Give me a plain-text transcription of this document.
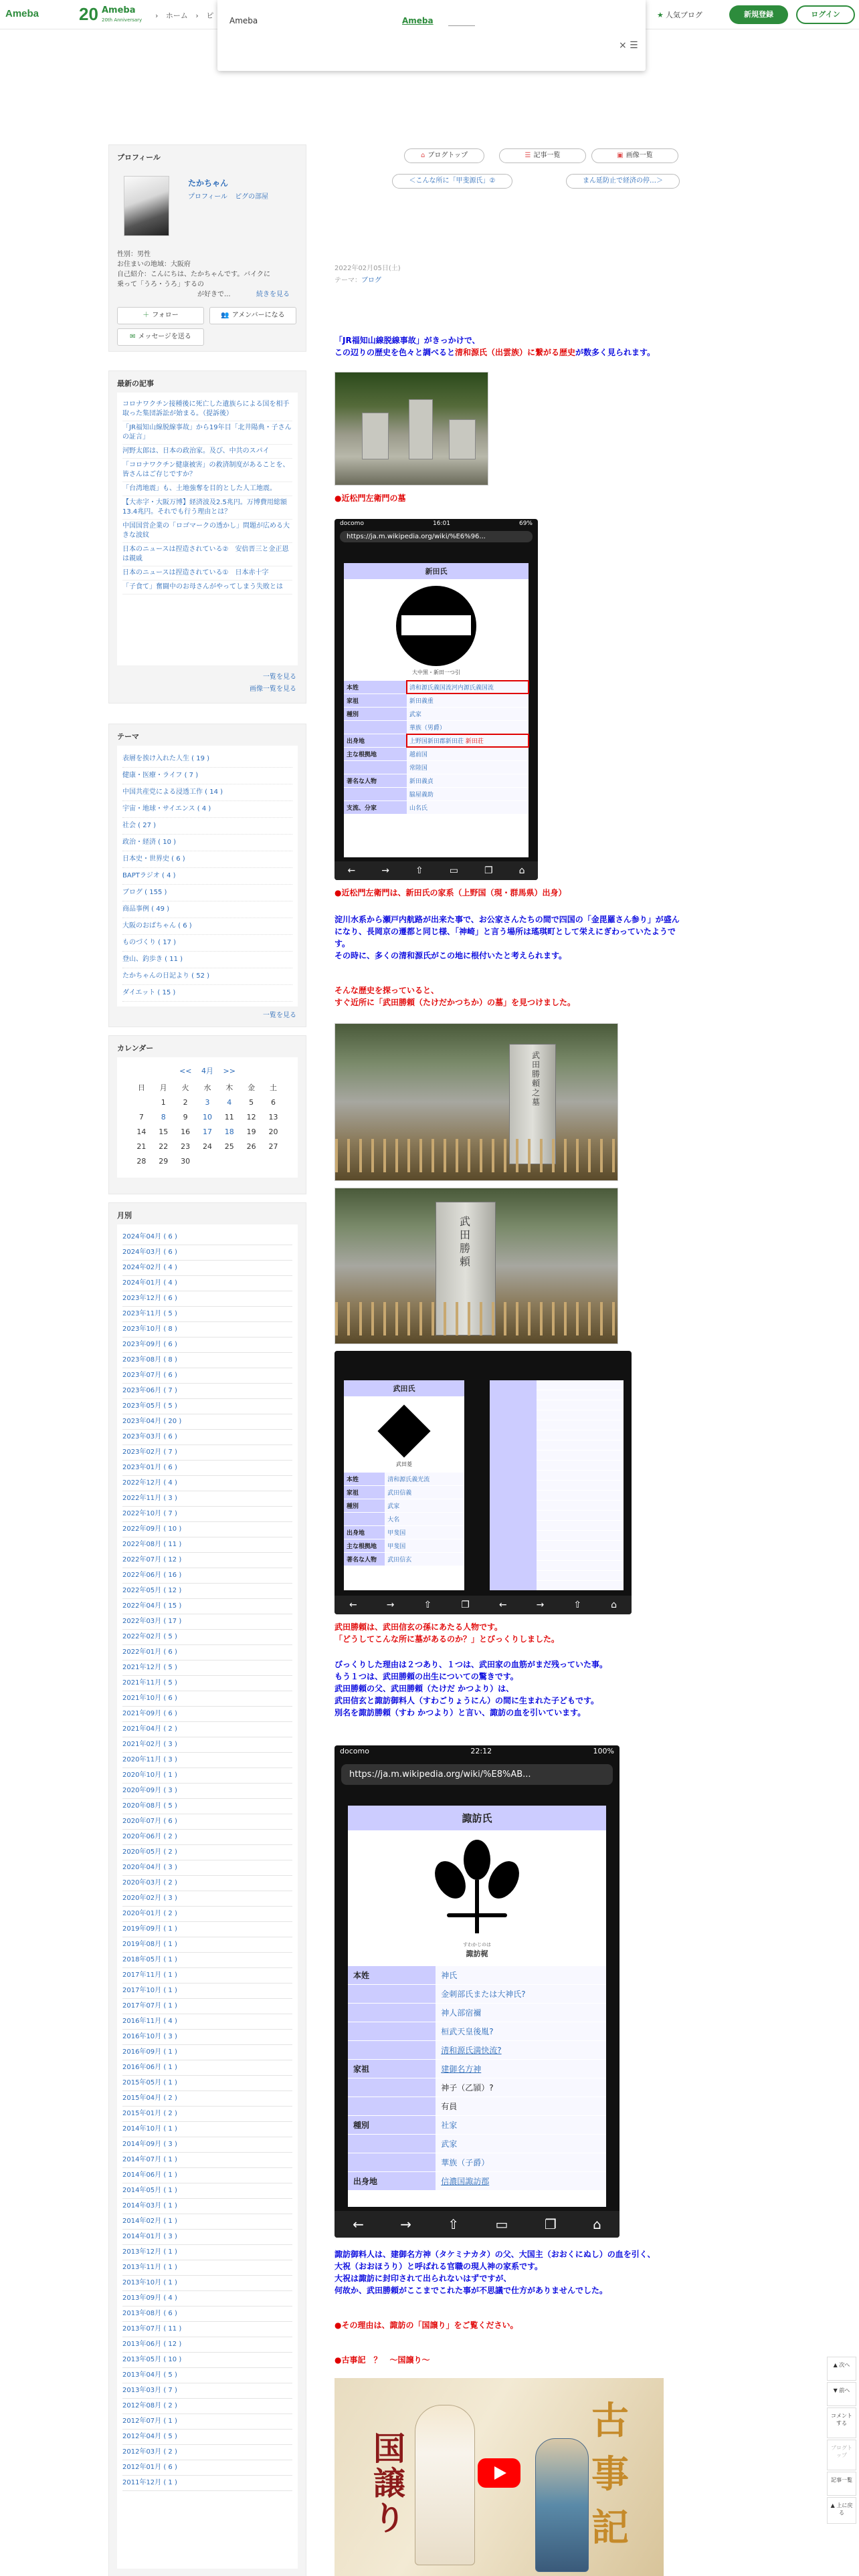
Ameba 20 Ameba
20th Anniversary › ホーム › ピ	★ 人気ブログ	新規登録	ログイン
Ameba	Ameba
× ☰
プロフィール
たかちゃん
プロフィール ピグの部屋
性別：男性
お住まいの地域：大阪府
自己紹介：こんにちは、たかちゃんです。バイクに
乗って「うろ・うろ」するの
が好きで...	続きを見る
＋ フォロー	👥 アメンバーになる
✉ メッセージを送る
最新の記事
コロナワクチン接種後に死亡した遺族らによる国を相手取った集団訴訟が始まる。（提訴後）
「JR福知山線脱線事故」から19年目「北井陽典・子さんの証言」
河野太郎は、日本の政治家。及び、中共のスパイ
「コロナワクチン健康被害」の救済制度があることを、皆さんはご存じですか？
「台湾地震」も、土地強奪を目的とした人工地震。
【大赤字・大阪万博】経済波及2.5兆円。万博費用総額13.4兆円。それでも行う理由とは？
中国国営企業の「ロゴマークの透かし」問題が広める大きな波紋
日本のニュースは捏造されている②　安倍晋三と金正恩は親戚
日本のニュースは捏造されている①　日本赤十字
「子食て」奮闘中のお母さんがやってしまう失敗とは
一覧を見る
画像一覧を見る
テーマ
表層を挨け入れた人生 ( 19 )
健康・医療・ライフ ( 7 )
中国共産党による浸透工作 ( 14 )
宇宙・地球・サイエンス ( 4 )
社会 ( 27 )
政治・経済 ( 10 )
日本史・世界史 ( 6 )
BAPTラジオ ( 4 )
ブログ ( 155 )
商品事例 ( 49 )
大阪のおばちゃん ( 6 )
ものづくり ( 17 )
登山、釣歩き ( 11 )
たかちゃんの日記より ( 52 )
ダイエット ( 15 )
一覧を見る
カレンダー
<< 　4月　 >>
日	月	火	水	木	金	土
	1	2	3	4	5	6
7	8	9	10	11	12	13
14	15	16	17	18	19	20
21	22	23	24	25	26	27
28	29	30				
月別
2024年04月 ( 6 )
2024年03月 ( 6 )
2024年02月 ( 4 )
2024年01月 ( 4 )
2023年12月 ( 6 )
2023年11月 ( 5 )
2023年10月 ( 8 )
2023年09月 ( 6 )
2023年08月 ( 8 )
2023年07月 ( 6 )
2023年06月 ( 7 )
2023年05月 ( 5 )
2023年04月 ( 20 )
2023年03月 ( 6 )
2023年02月 ( 7 )
2023年01月 ( 6 )
2022年12月 ( 4 )
2022年11月 ( 3 )
2022年10月 ( 7 )
2022年09月 ( 10 )
2022年08月 ( 11 )
2022年07月 ( 12 )
2022年06月 ( 16 )
2022年05月 ( 12 )
2022年04月 ( 15 )
2022年03月 ( 17 )
2022年02月 ( 5 )
2022年01月 ( 6 )
2021年12月 ( 5 )
2021年11月 ( 5 )
2021年10月 ( 6 )
2021年09月 ( 6 )
2021年04月 ( 2 )
2021年02月 ( 3 )
2020年11月 ( 3 )
2020年10月 ( 1 )
2020年09月 ( 3 )
2020年08月 ( 5 )
2020年07月 ( 6 )
2020年06月 ( 2 )
2020年05月 ( 2 )
2020年04月 ( 3 )
2020年03月 ( 2 )
2020年02月 ( 3 )
2020年01月 ( 2 )
2019年09月 ( 1 )
2019年08月 ( 1 )
2018年05月 ( 1 )
2017年11月 ( 1 )
2017年10月 ( 1 )
2017年07月 ( 1 )
2016年11月 ( 4 )
2016年10月 ( 3 )
2016年09月 ( 1 )
2016年06月 ( 1 )
2015年05月 ( 1 )
2015年04月 ( 2 )
2015年01月 ( 2 )
2014年10月 ( 1 )
2014年09月 ( 3 )
2014年07月 ( 1 )
2014年06月 ( 1 )
2014年05月 ( 1 )
2014年03月 ( 1 )
2014年02月 ( 1 )
2014年01月 ( 3 )
2013年12月 ( 1 )
2013年11月 ( 1 )
2013年10月 ( 1 )
2013年09月 ( 4 )
2013年08月 ( 6 )
2013年07月 ( 11 )
2013年06月 ( 12 )
2013年05月 ( 10 )
2013年04月 ( 5 )
2013年03月 ( 7 )
2012年08月 ( 2 )
2012年07月 ( 1 )
2012年04月 ( 5 )
2012年03月 ( 2 )
2012年01月 ( 6 )
2011年12月 ( 1 )
⌂ ブログトップ	☰ 記事一覧	▣ 画像一覧
＜こんな所に「甲斐源氏」②	まん延防止で経済の停…＞
2022年02月05日(土)
テーマ：ブログ
「JR福知山線脱線事故」がきっかけで、
この辺りの歴史を色々と調べると清和源氏（出雲族）に繋がる歴史が数多く見られます。
●近松門左衛門の墓
docomo	16:01	69%
https://ja.m.wikipedia.org/wiki/%E6%96...
新田氏
大中黒・新田一つ引
本姓	清和源氏義国流河内源氏義国流
家祖	新田義重
種別	武家
華族（男爵）
出身地	上野国新田郡新田荘 新田荘
主な根拠地	越前国
常陸国
著名な人物	新田義貞
脇屋義助
支流、分家	山名氏
←	→	⇧	▭	❐	⌂
●近松門左衛門は、新田氏の家系（上野国（現・群馬県）出身）
淀川水系から瀬戸内航路が出来た事で、お公家さんたちの間で四国の「金毘羅さん参り」が盛ん
になり、長岡京の遷都と同じ様、「神崎」と言う場所は瑤琪町として栄えにぎわっていたようで
す。
その時に、多くの清和源氏がこの地に根付いたと考えられます。
そんな歴史を探っていると、
すぐ近所に「武田勝頼（たけだかつちか）の墓」を見つけました。
武田勝頼之墓
武田勝頼
武田氏
武田菱
本姓	清和源氏義光流
家祖	武田信義
種別	武家
大名
出身地	甲斐国
主な根拠地	甲斐国
著名な人物	武田信玄
←	→	⇧	❐	←	→	⇧	⌂
武田勝頼は、武田信玄の孫にあたる人物です。
「どうしてこんな所に墓があるのか？」とびっくりしました。
びっくりした理由は２つあり、１つは、武田家の血筋がまだ残っていた事。
もう１つは、武田勝頼の出生についての驚きです。
武田勝頼の父、武田勝頼（たけだ かつより）は、
武田信玄と諏訪御料人（すわごりょうにん）の間に生まれた子どもです。
別名を諏訪勝頼（すわ かつより）と言い、諏訪の血を引いています。
docomo	22:12	100%
https://ja.m.wikipedia.org/wiki/%E8%AB...
諏訪氏
すわかじのは
諏訪梶
本姓	神氏
金刺部氏または大神氏?
神人部宿禰
桓武天皇後胤?
清和源氏満快流?
家祖	建御名方神
神子（乙頴）?
有員
種別	社家
武家
華族（子爵）
出身地	信濃国諏訪郡
←	→	⇧	▭	❐	⌂
諏訪御料人は、建御名方神（タケミナカタ）の父、大国主（おおくにぬし）の血を引く、
大祝（おおほうり）と呼ばれる官職の現人神の家系です。
大祝は諏訪に封印されて出られないはずですが、
何故か、武田勝頼がここまでこれた事が不思議で仕方がありませんでした。
●その理由は、諏訪の「国譲り」をご覧ください。
●古事記　？　〜国譲り〜
国譲り
古事記
▲ 次へ
▼ 前へ
コメントする
ブログトップ
記事一覧
▲ 上に戻る
